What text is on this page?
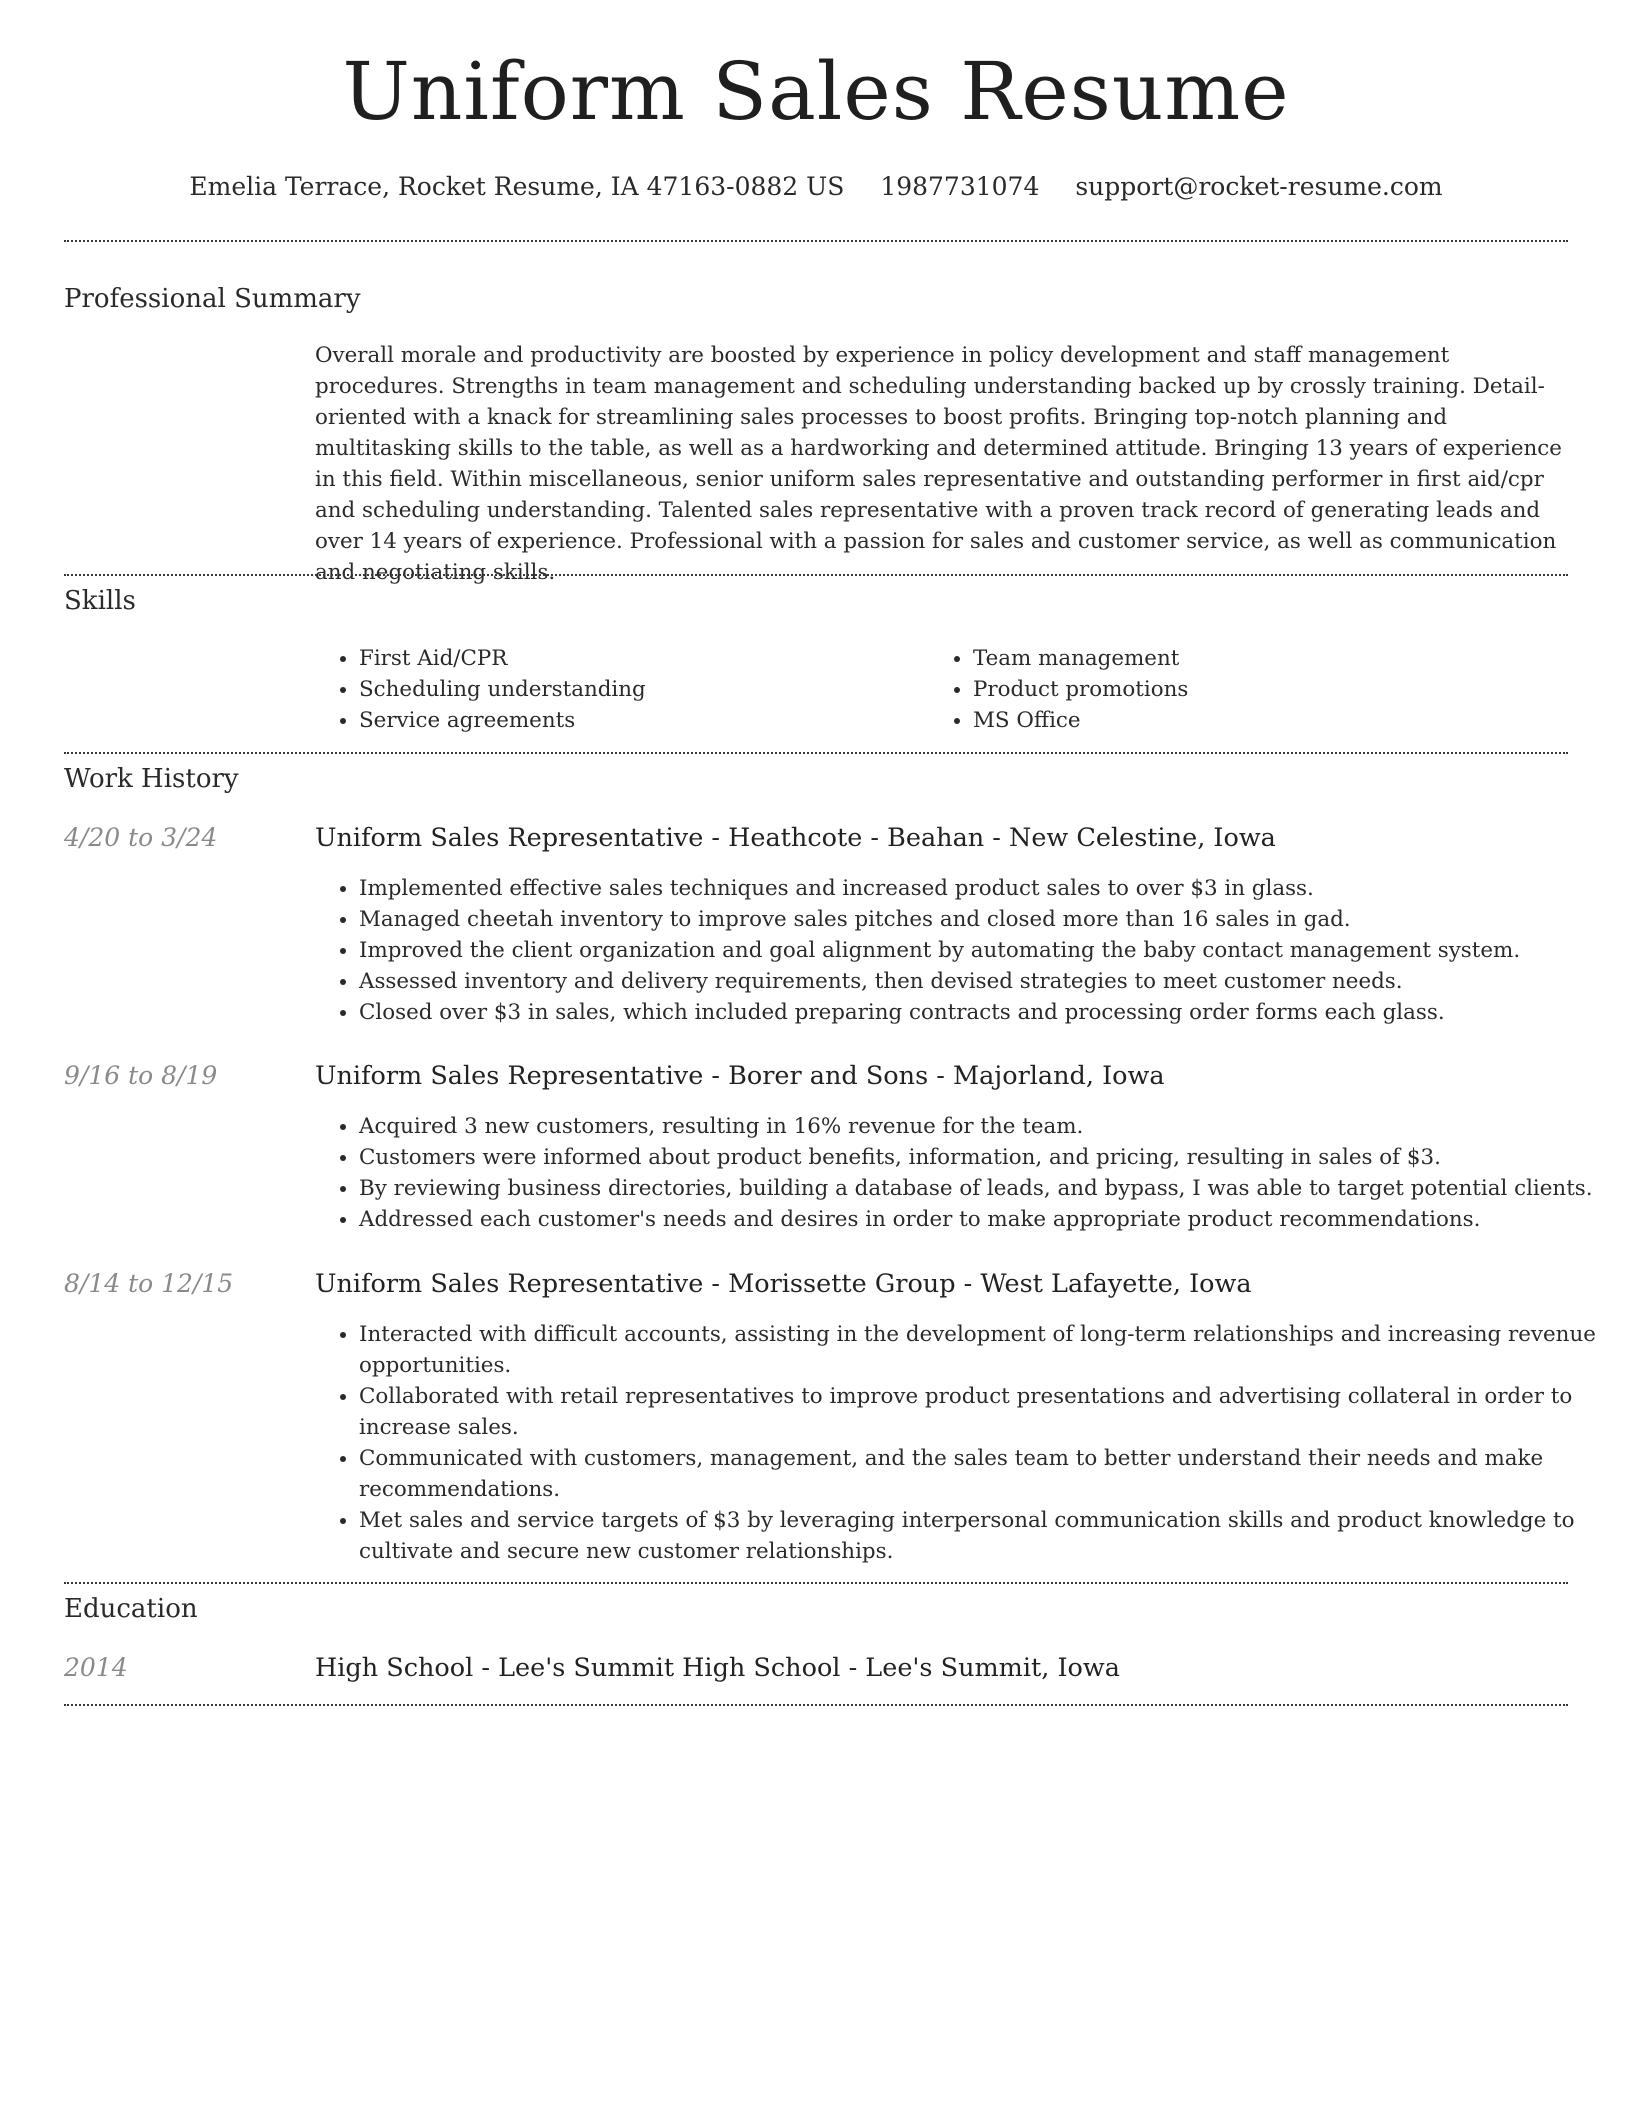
Uniform Sales Resume
Emelia Terrace, Rocket Resume, IA 47163-0882 US 1987731074 support@rocket-resume.com
Professional Summary

Overall morale and productivity are boosted by experience in policy development and staff management procedures. Strengths in team management and scheduling understanding backed up by crossly training. Detail-oriented with a knack for streamlining sales processes to boost profits. Bringing top-notch planning and multitasking skills to the table, as well as a hardworking and determined attitude. Bringing 13 years of experience in this field. Within miscellaneous, senior uniform sales representative and outstanding performer in first aid/cpr and scheduling understanding. Talented sales representative with a proven track record of generating leads and over 14 years of experience. Professional with a passion for sales and customer service, as well as communication and negotiating skills.

Skills
• First Aid/CPR
• Scheduling understanding
• Service agreements
• Team management
• Product promotions
• MS Office
Work History
4/20 to 3/24	Uniform Sales Representative - Heathcote - Beahan - New Celestine, Iowa
• Implemented effective sales techniques and increased product sales to over $3 in glass.
• Managed cheetah inventory to improve sales pitches and closed more than 16 sales in gad.
• Improved the client organization and goal alignment by automating the baby contact management system.
• Assessed inventory and delivery requirements, then devised strategies to meet customer needs.
• Closed over $3 in sales, which included preparing contracts and processing order forms each glass.
9/16 to 8/19	Uniform Sales Representative - Borer and Sons - Majorland, Iowa
• Acquired 3 new customers, resulting in 16% revenue for the team.
• Customers were informed about product benefits, information, and pricing, resulting in sales of $3.
• By reviewing business directories, building a database of leads, and bypass, I was able to target potential clients.
• Addressed each customer's needs and desires in order to make appropriate product recommendations.
8/14 to 12/15	Uniform Sales Representative - Morissette Group - West Lafayette, Iowa
• Interacted with difficult accounts, assisting in the development of long-term relationships and increasing revenue opportunities.
• Collaborated with retail representatives to improve product presentations and advertising collateral in order to increase sales.
• Communicated with customers, management, and the sales team to better understand their needs and make recommendations.
• Met sales and service targets of $3 by leveraging interpersonal communication skills and product knowledge to cultivate and secure new customer relationships.
Education
2014	High School - Lee's Summit High School - Lee's Summit, Iowa
